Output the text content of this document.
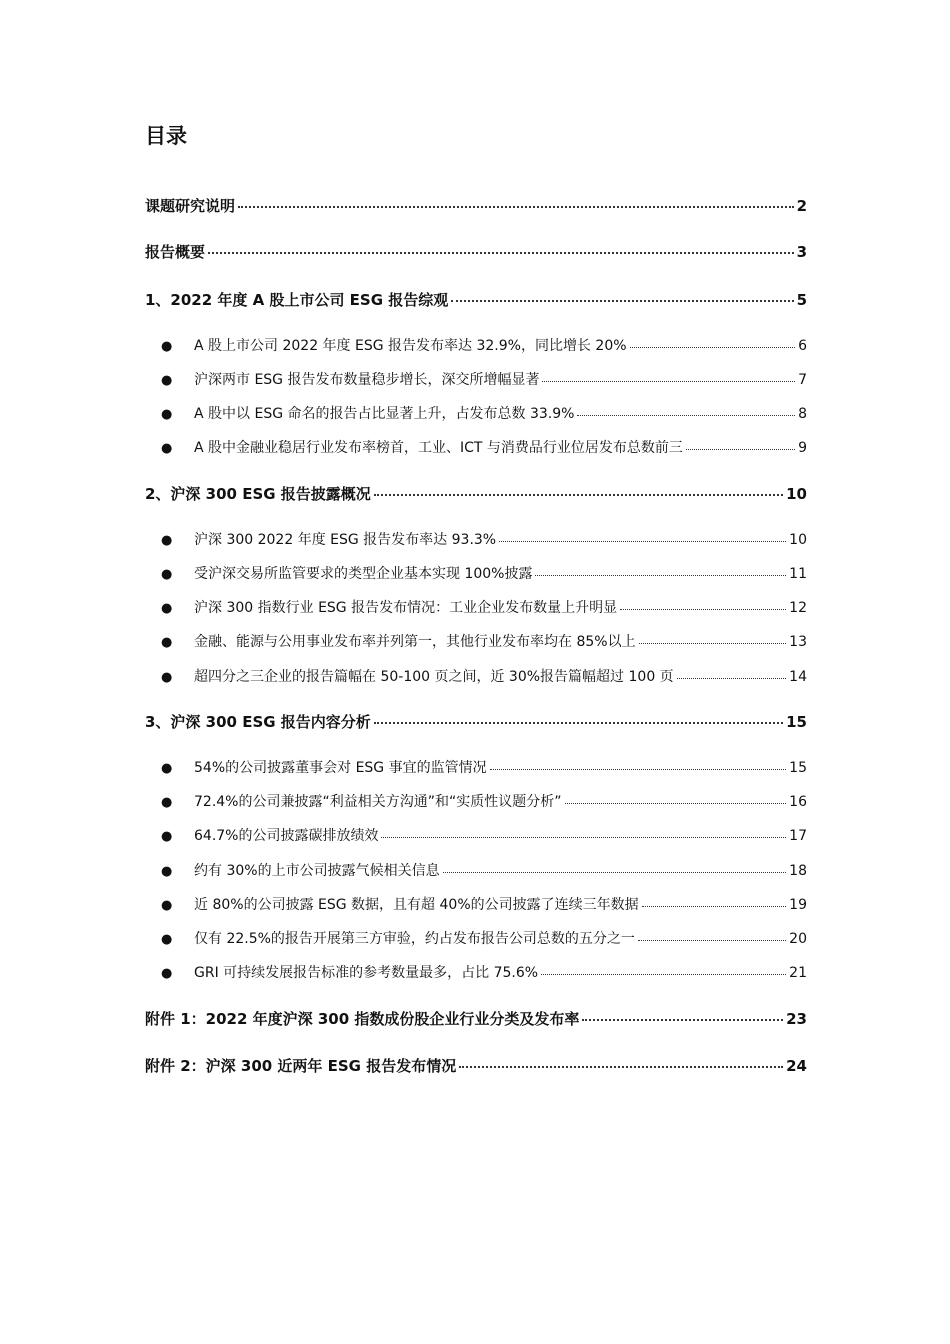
目录
课题研究说明	2
报告概要	3
1、2022 年度 A 股上市公司 ESG 报告综观	5
●	A 股上市公司 2022 年度 ESG 报告发布率达 32.9%，同比增长 20%	6
●	沪深两市 ESG 报告发布数量稳步增长，深交所增幅显著	7
●	A 股中以 ESG 命名的报告占比显著上升，占发布总数 33.9%	8
●	A 股中金融业稳居行业发布率榜首，工业、ICT 与消费品行业位居发布总数前三	9
2、沪深 300 ESG 报告披露概况	10
●	沪深 300 2022 年度 ESG 报告发布率达 93.3%	10
●	受沪深交易所监管要求的类型企业基本实现 100%披露	11
●	沪深 300 指数行业 ESG 报告发布情况：工业企业发布数量上升明显	12
●	金融、能源与公用事业发布率并列第一，其他行业发布率均在 85%以上	13
●	超四分之三企业的报告篇幅在 50-100 页之间，近 30%报告篇幅超过 100 页	14
3、沪深 300 ESG 报告内容分析	15
●	54%的公司披露董事会对 ESG 事宜的监管情况	15
●	72.4%的公司兼披露“利益相关方沟通”和“实质性议题分析”	16
●	64.7%的公司披露碳排放绩效	17
●	约有 30%的上市公司披露气候相关信息	18
●	近 80%的公司披露 ESG 数据，且有超 40%的公司披露了连续三年数据	19
●	仅有 22.5%的报告开展第三方审验，约占发布报告公司总数的五分之一	20
●	GRI 可持续发展报告标准的参考数量最多，占比 75.6%	21
附件 1：2022 年度沪深 300 指数成份股企业行业分类及发布率	23
附件 2：沪深 300 近两年 ESG 报告发布情况	24
